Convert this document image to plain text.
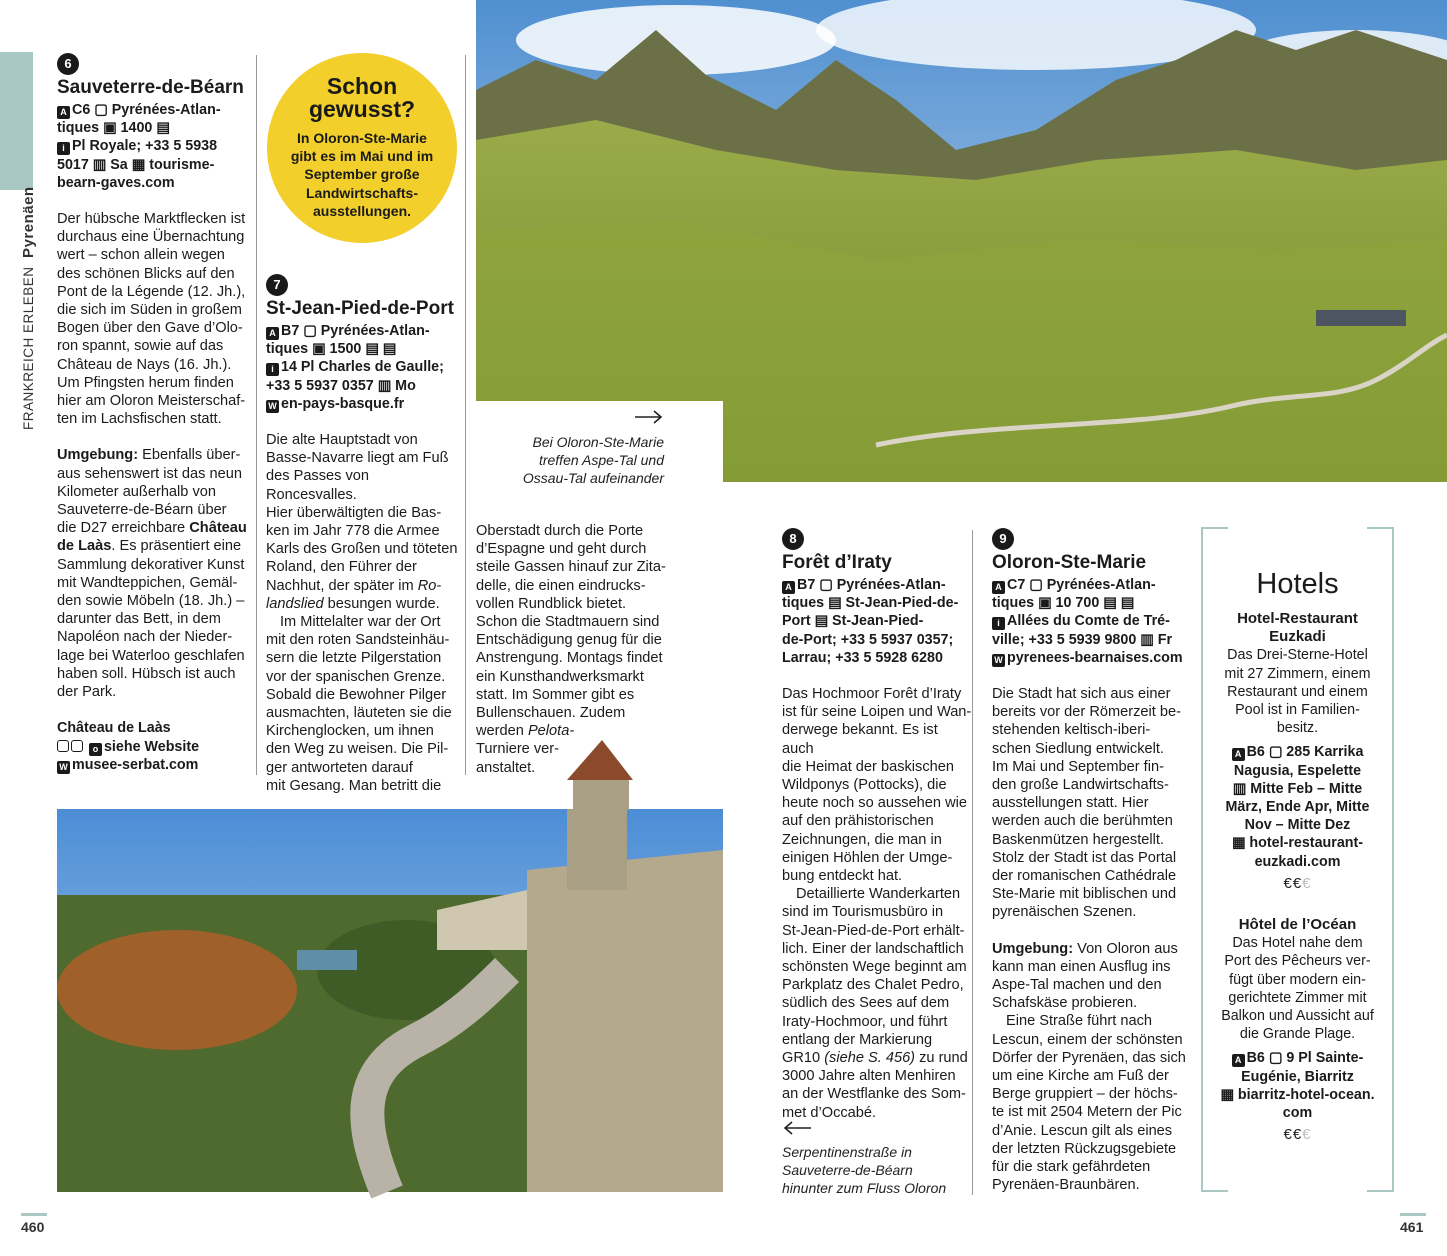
FRANKREICH ERLEBEN  Pyrenäen
Bei Oloron-Ste-Marie
treffen Aspe-Tal und
Ossau-Tal aufeinander
6
Sauveterre-de-Béarn
A C6 ▢ Pyrénées-Atlan-
tiques ▣ 1400 ▤
i Pl Royale; +33 5 5938
5017 ▥ Sa ▦ tourisme-
bearn-gaves.com
Der hübsche Marktflecken ist
durchaus eine Übernachtung
wert – schon allein wegen
des schönen Blicks auf den
Pont de la Légende (12. Jh.),
die sich im Süden in großem
Bogen über den Gave d’Olo-
ron spannt, sowie auf das
Château de Nays (16. Jh.).
Um Pfingsten herum finden
hier am Oloron Meisterschaf-
ten im Lachsfischen statt.
Umgebung: Ebenfalls über-
aus sehenswert ist das neun
Kilometer außerhalb von
Sauveterre-de-Béarn über
die D27 erreichbare Château
de Laàs. Es präsentiert eine
Sammlung dekorativer Kunst
mit Wandteppichen, Gemäl-
den sowie Möbeln (18. Jh.) –
darunter das Bett, in dem
Napoléon nach der Nieder-
lage bei Waterloo geschlafen
haben soll. Hübsch ist auch
der Park.
Château de Laàs
o siehe Website
W musee-serbat.com
Schon
gewusst?
In Oloron-Ste-Marie
gibt es im Mai und im
September große
Landwirtschafts-
ausstellungen.
7
St-Jean-Pied-de-Port
A B7 ▢ Pyrénées-Atlan-
tiques ▣ 1500 ▤ ▤
i 14 Pl Charles de Gaulle;
+33 5 5937 0357 ▥ Mo
W en-pays-basque.fr
Die alte Hauptstadt von
Basse-Navarre liegt am Fuß
des Passes von Roncesvalles.
Hier überwältigten die Bas-
ken im Jahr 778 die Armee
Karls des Großen und töteten
Roland, den Führer der
Nachhut, der später im Ro-
landslied besungen wurde.
Im Mittelalter war der Ort
mit den roten Sandsteinhäu-
sern die letzte Pilgerstation
vor der spanischen Grenze.
Sobald die Bewohner Pilger
ausmachten, läuteten sie die
Kirchenglocken, um ihnen
den Weg zu weisen. Die Pil-
ger antworteten darauf
mit Gesang. Man betritt die
Oberstadt durch die Porte
d’Espagne und geht durch
steile Gassen hinauf zur Zita-
delle, die einen eindrucks-
vollen Rundblick bietet.
Schon die Stadtmauern sind
Entschädigung genug für die
Anstrengung. Montags findet
ein Kunsthandwerksmarkt
statt. Im Sommer gibt es
Bullenschauen. Zudem
werden Pelota-
Turniere ver-
anstaltet.
8
Forêt d’Iraty
A B7 ▢ Pyrénées-Atlan-
tiques ▤ St-Jean-Pied-de-
Port ▤ St-Jean-Pied-
de-Port; +33 5 5937 0357;
Larrau; +33 5 5928 6280
Das Hochmoor Forêt d’Iraty
ist für seine Loipen und Wan-
derwege bekannt. Es ist auch
die Heimat der baskischen
Wildponys (Pottocks), die
heute noch so aussehen wie
auf den prähistorischen
Zeichnungen, die man in
einigen Höhlen der Umge-
bung entdeckt hat.
Detaillierte Wanderkarten
sind im Tourismusbüro in
St-Jean-Pied-de-Port erhält-
lich. Einer der landschaftlich
schönsten Wege beginnt am
Parkplatz des Chalet Pedro,
südlich des Sees auf dem
Iraty-Hochmoor, und führt
entlang der Markierung
GR10 (siehe S. 456) zu rund
3000 Jahre alten Menhiren
an der Westflanke des Som-
met d’Occabé.
Serpentinenstraße in
Sauveterre-de-Béarn
hinunter zum Fluss Oloron
9
Oloron-Ste-Marie
A C7 ▢ Pyrénées-Atlan-
tiques ▣ 10 700 ▤ ▤
i Allées du Comte de Tré-
ville; +33 5 5939 9800 ▥ Fr
W pyrenees-bearnaises.com
Die Stadt hat sich aus einer
bereits vor der Römerzeit be-
stehenden keltisch-iberi-
schen Siedlung entwickelt.
Im Mai und September fin-
den große Landwirtschafts-
ausstellungen statt. Hier
werden auch die berühmten
Baskenmützen hergestellt.
Stolz der Stadt ist das Portal
der romanischen Cathédrale
Ste-Marie mit biblischen und
pyrenäischen Szenen.
Umgebung: Von Oloron aus
kann man einen Ausflug ins
Aspe-Tal machen und den
Schafskäse probieren.
Eine Straße führt nach
Lescun, einem der schönsten
Dörfer der Pyrenäen, das sich
um eine Kirche am Fuß der
Berge gruppiert – der höchs-
te ist mit 2504 Metern der Pic
d’Anie. Lescun gilt als eines
der letzten Rückzugsgebiete
für die stark gefährdeten
Pyrenäen-Braunbären.
Hotels
Hotel-Restaurant
Euzkadi
Das Drei-Sterne-Hotel
mit 27 Zimmern, einem
Restaurant und einem
Pool ist in Familien-
besitz.
A B6 ▢ 285 Karrika
Nagusia, Espelette
▥ Mitte Feb – Mitte
März, Ende Apr, Mitte
Nov – Mitte Dez
▦ hotel-restaurant-
euzkadi.com
€€€
Hôtel de l’Océan
Das Hotel nahe dem
Port des Pêcheurs ver-
fügt über modern ein-
gerichtete Zimmer mit
Balkon und Aussicht auf
die Grande Plage.
A B6 ▢ 9 Pl Sainte-
Eugénie, Biarritz
▦ biarritz-hotel-ocean.
com
€€€
460	461
